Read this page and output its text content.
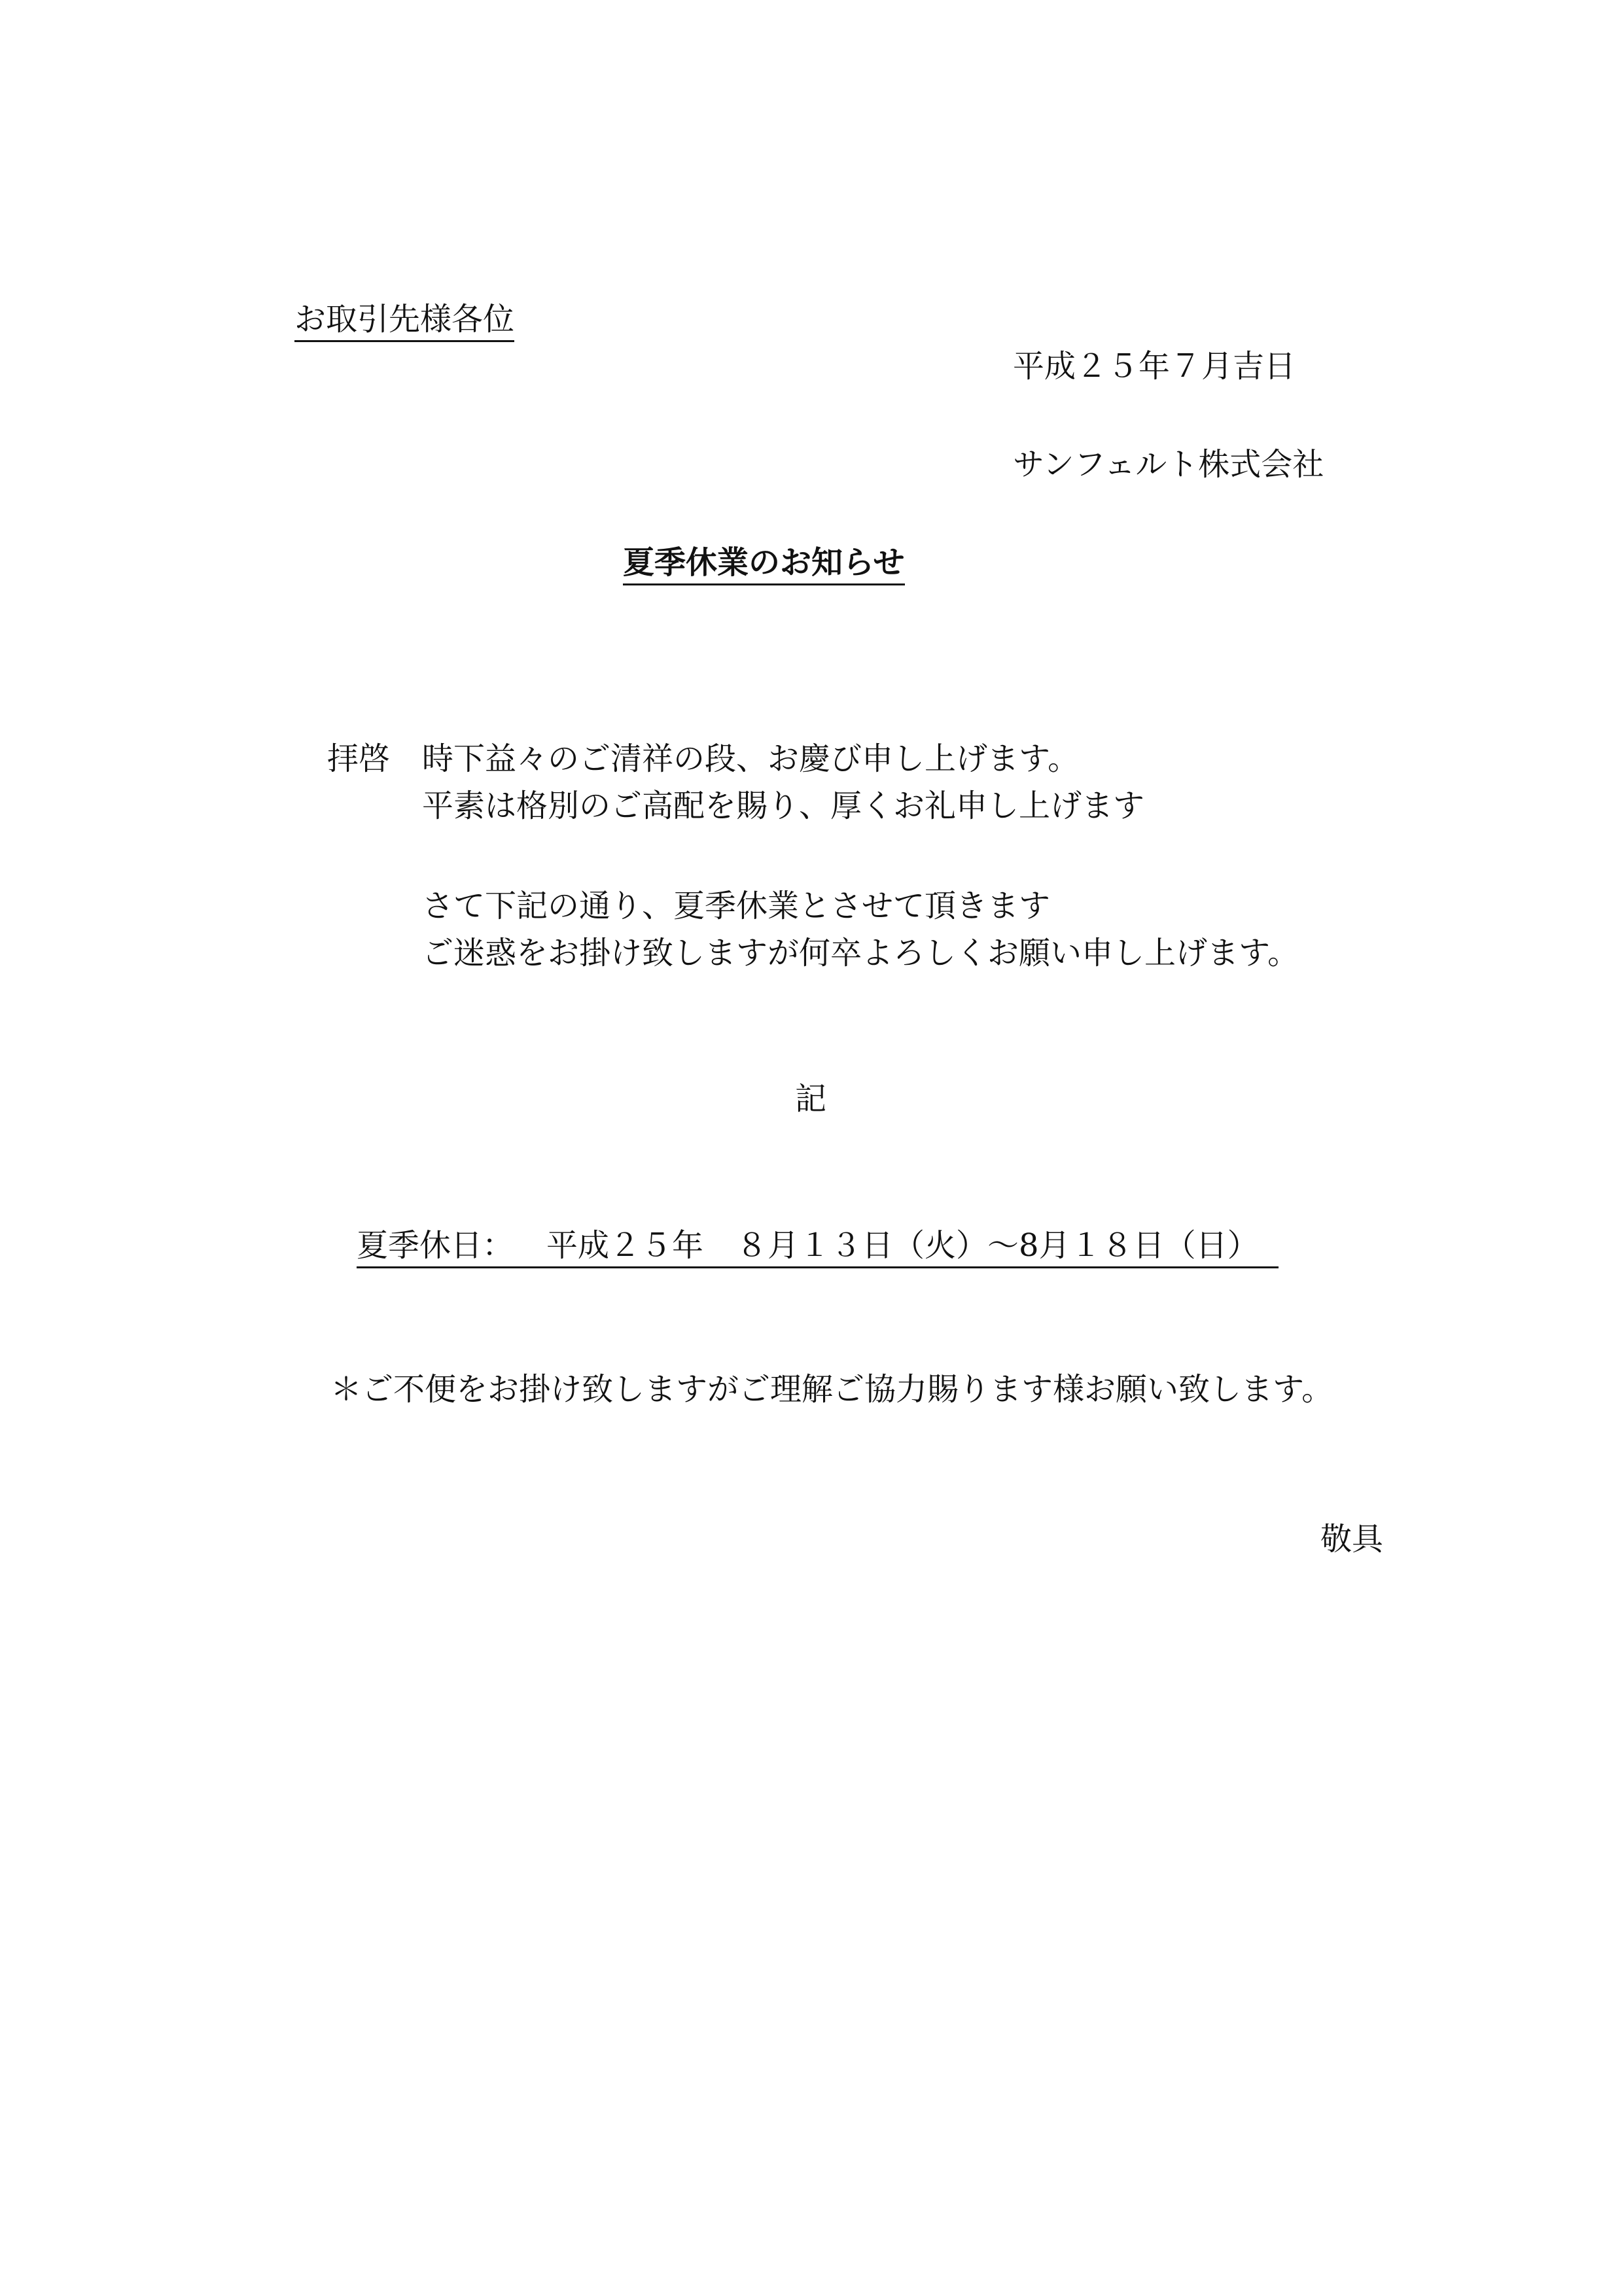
お取引先様各位
平成２５年７月吉日
サンフェルト株式会社
夏季休業のお知らせ
拝啓 時下益々のご清祥の段、お慶び申し上げます。
平素は格別のご高配を賜り、厚くお礼申し上げます
さて下記の通り、夏季休業とさせて頂きます
ご迷惑をお掛け致しますが何卒よろしくお願い申し上げます。
記
夏季休日： 平成２５年 ８月１３日（火）～8月１８日（日）
＊ご不便をお掛け致しますがご理解ご協力賜ります様お願い致します。
敬具
